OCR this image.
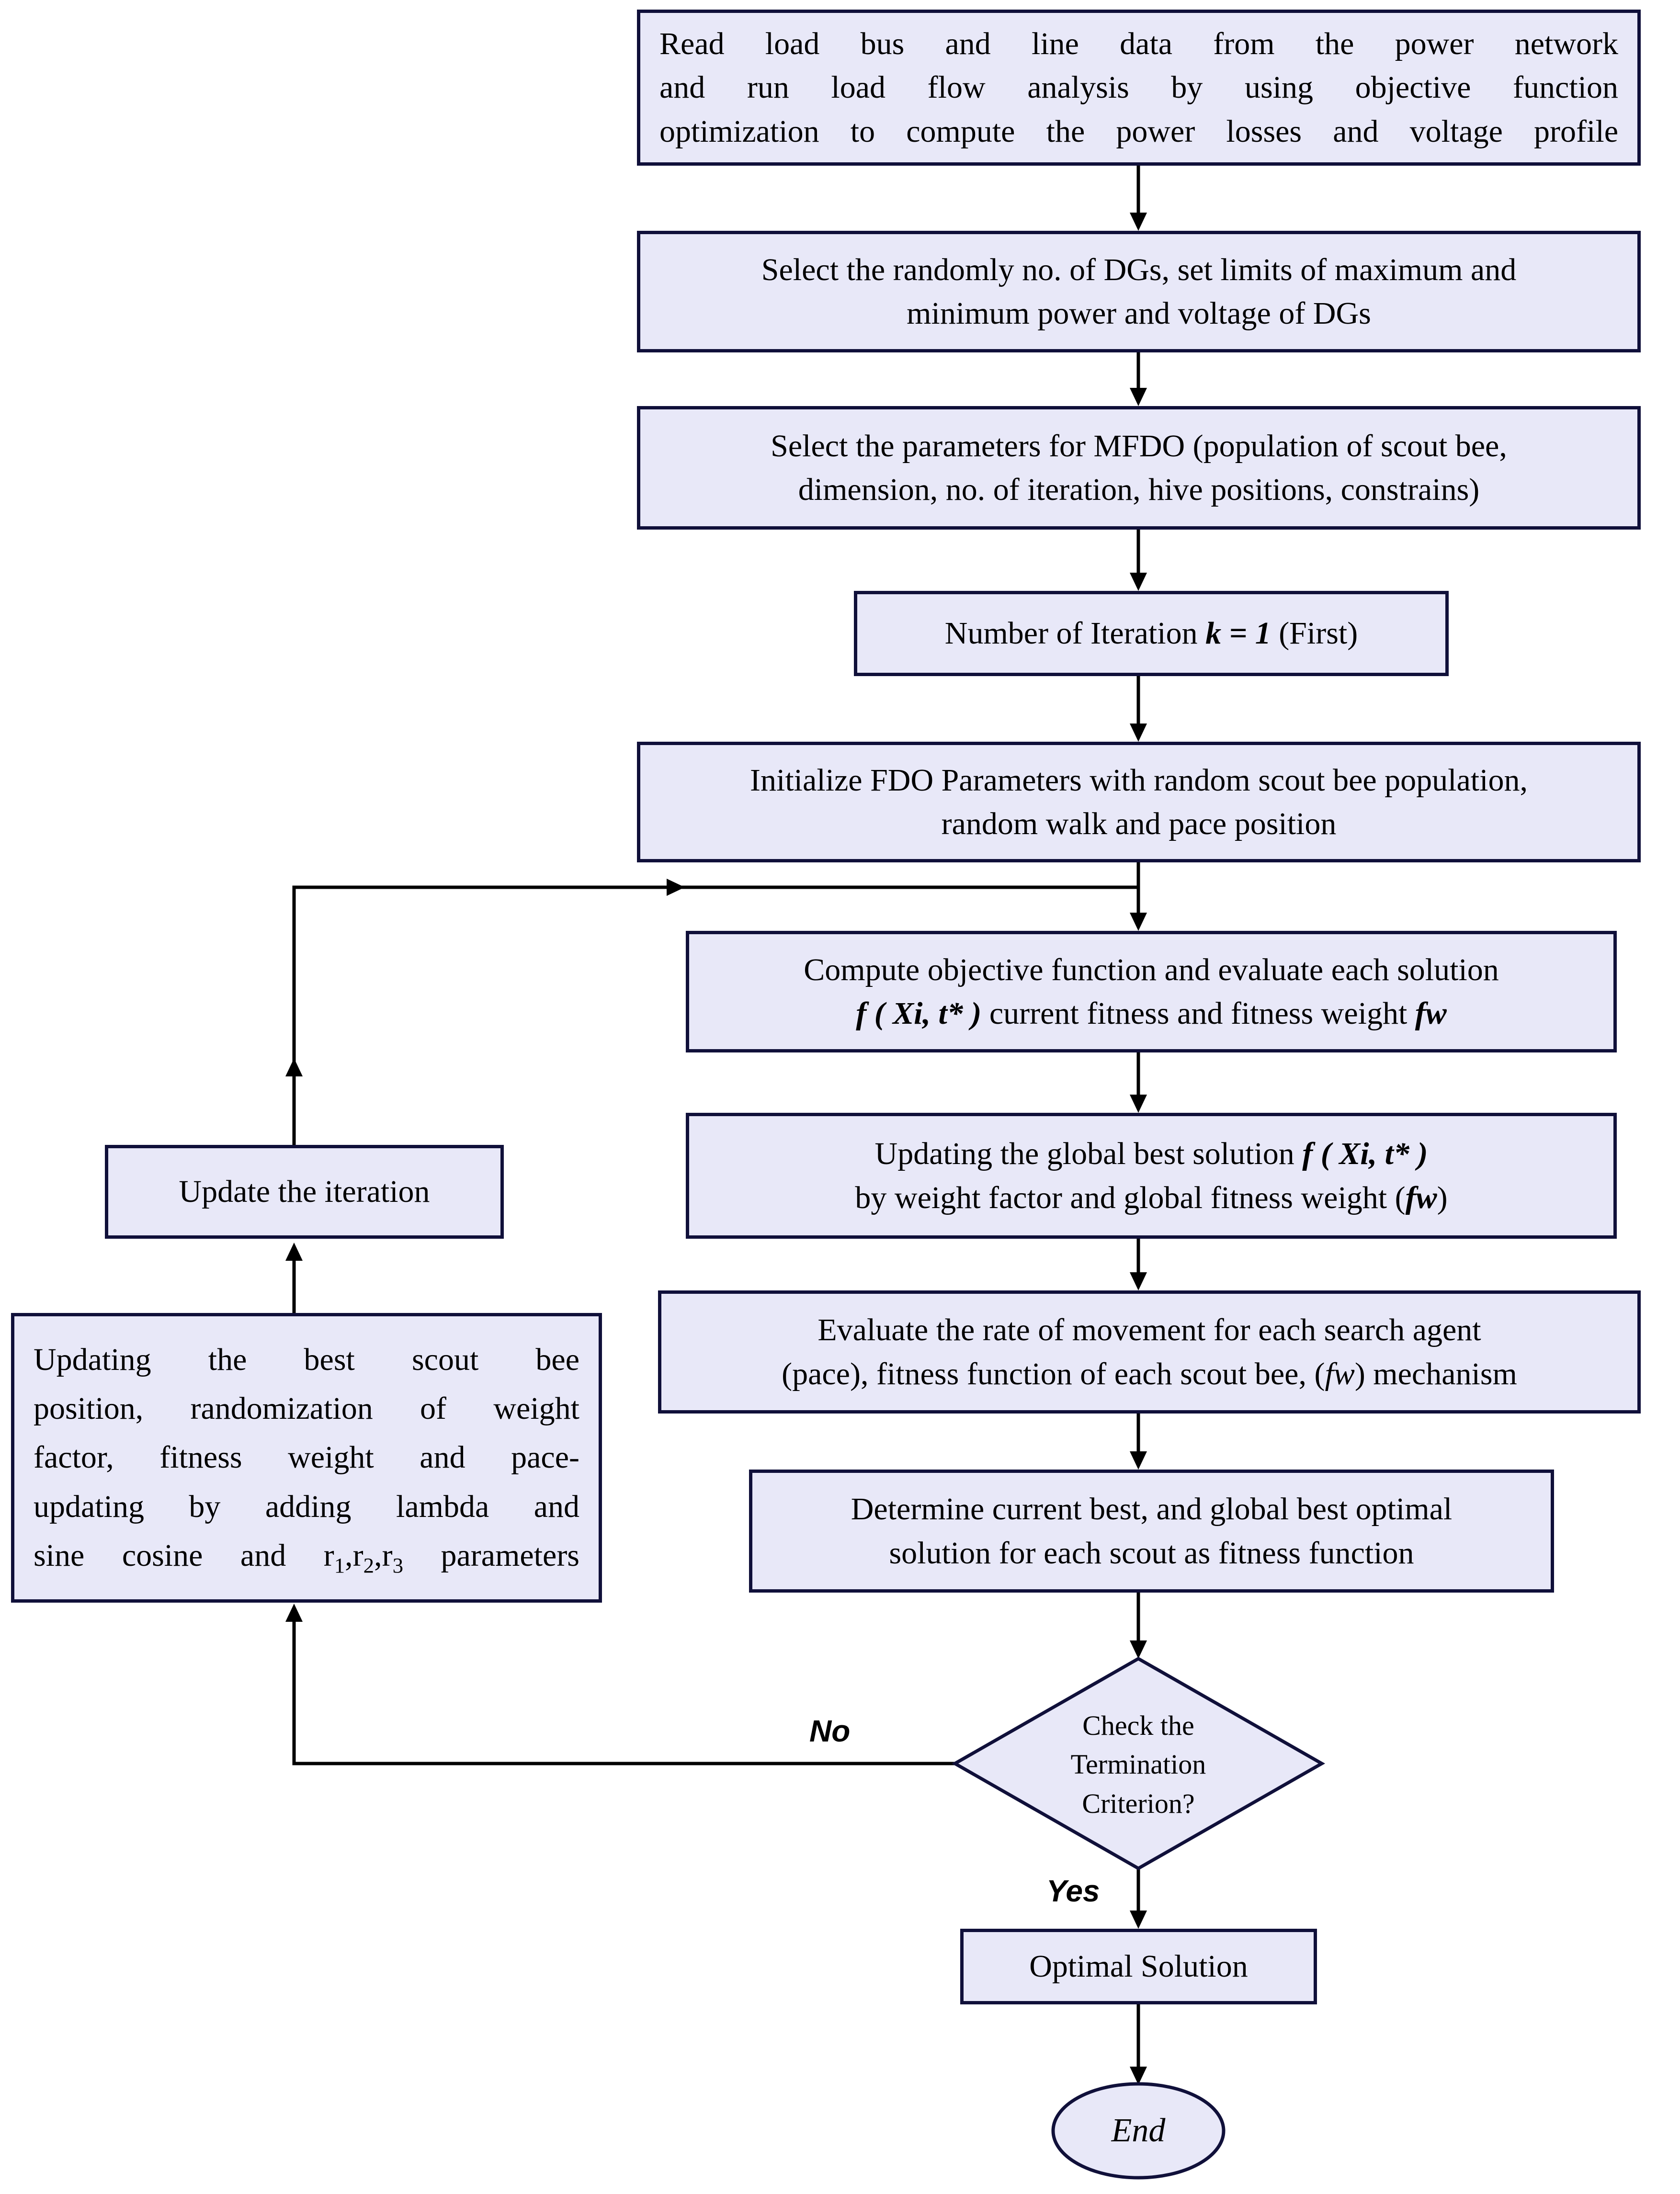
Read load bus and line data from the power network
and run load flow analysis by using objective function
optimization to compute the power losses and voltage profile
Select the randomly no. of DGs, set limits of maximum and
minimum power and voltage of DGs
Select the parameters for MFDO (population of scout bee,
dimension, no. of iteration, hive positions, constrains)
Number of Iteration k = 1 (First)
Initialize FDO Parameters with random scout bee population,
random walk and pace position
Compute objective function and evaluate each solution
f ( Xi, t* ) current fitness and fitness weight fw
Updating the global best solution f ( Xi, t* )
by weight factor and global fitness weight (fw)
Evaluate the rate of movement for each search agent
(pace), fitness function of each scout bee, (fw) mechanism
Determine current best, and global best optimal
solution for each scout as fitness function
Update the iteration
Updating the best scout bee
position, randomization of weight
factor, fitness weight and pace-
updating by adding lambda and
sine cosine and $r_1,r_2,r_3$ parameters
Check the
Termination
Criterion?
Optimal Solution
End
No
Yes
